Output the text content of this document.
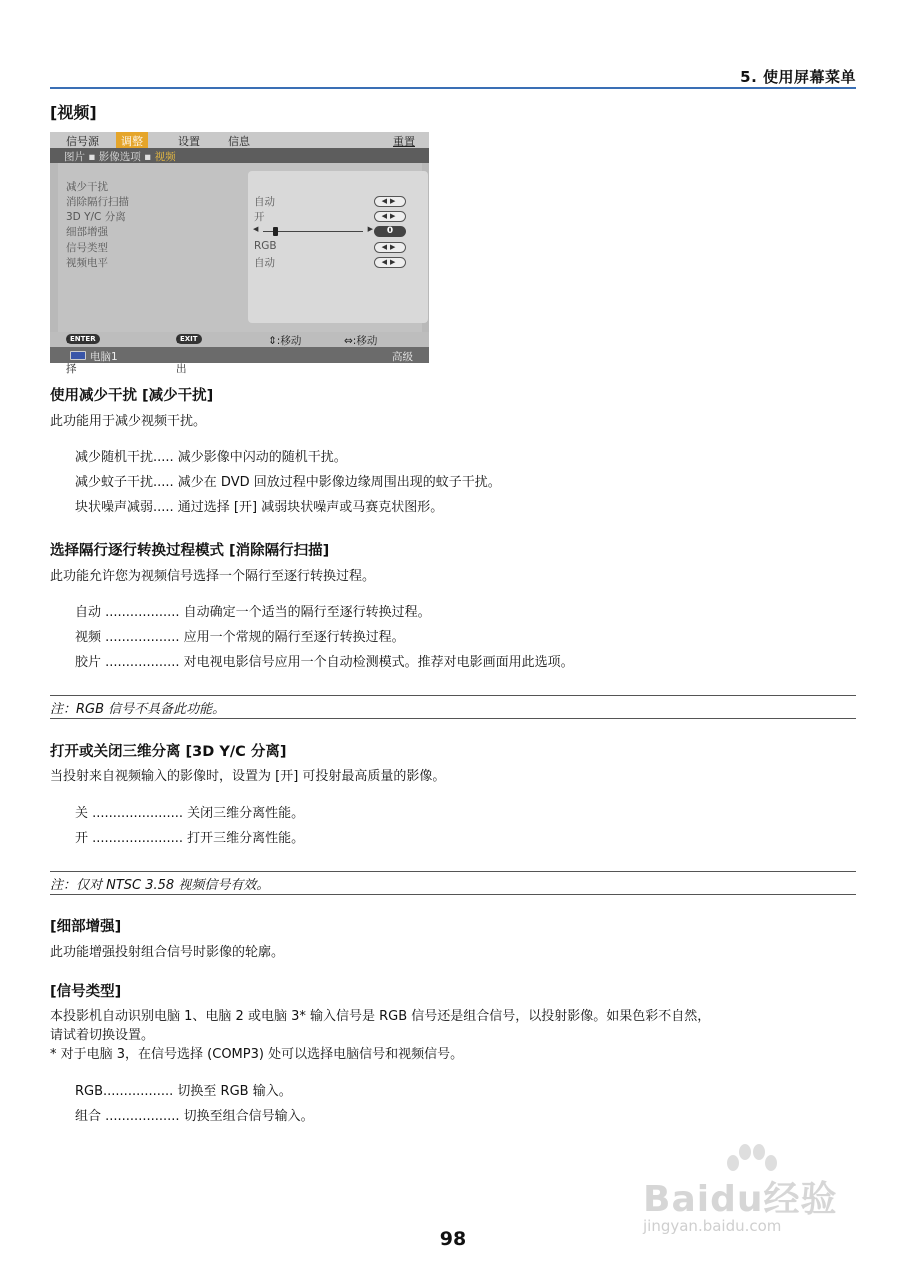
5. 使用屏幕菜单
[视频]
信号源	调整	设置	信息	重置
图片 ▪ 影像选项 ▪ 视频
减少干扰
消除隔行扫描	自动	◀▶
3D Y/C 分离	开	◀▶
细部增强	◀	▶	0
信号类型	RGB	◀▶
视频电平	自动	◀▶
ENTER
: 择
EXIT
: 出
⇕:移动	⇔:移动
电脑1	高级
使用减少干扰 [减少干扰]
此功能用于减少视频干扰。
减少随机干扰..... 减少影像中闪动的随机干扰。
减少蚊子干扰..... 减少在 DVD 回放过程中影像边缘周围出现的蚊子干扰。
块状噪声减弱..... 通过选择 [开] 减弱块状噪声或马赛克状图形。
选择隔行逐行转换过程模式 [消除隔行扫描]
此功能允许您为视频信号选择一个隔行至逐行转换过程。
自动 .................. 自动确定一个适当的隔行至逐行转换过程。
视频 .................. 应用一个常规的隔行至逐行转换过程。
胶片 .................. 对电视电影信号应用一个自动检测模式。推荐对电影画面用此选项。
注：RGB 信号不具备此功能。
打开或关闭三维分离 [3D Y/C 分离]
当投射来自视频输入的影像时，设置为 [开] 可投射最高质量的影像。
关 ...................... 关闭三维分离性能。
开 ...................... 打开三维分离性能。
注：仅对 NTSC 3.58 视频信号有效。
[细部增强]
此功能增强投射组合信号时影像的轮廓。
[信号类型]
本投影机自动识别电脑 1、电脑 2 或电脑 3* 输入信号是 RGB 信号还是组合信号，以投射影像。如果色彩不自然，
请试着切换设置。
* 对于电脑 3，在信号选择 (COMP3) 处可以选择电脑信号和视频信号。
RGB................. 切换至 RGB 输入。
组合 .................. 切换至组合信号输入。
Baidu经验
jingyan.baidu.com
98
